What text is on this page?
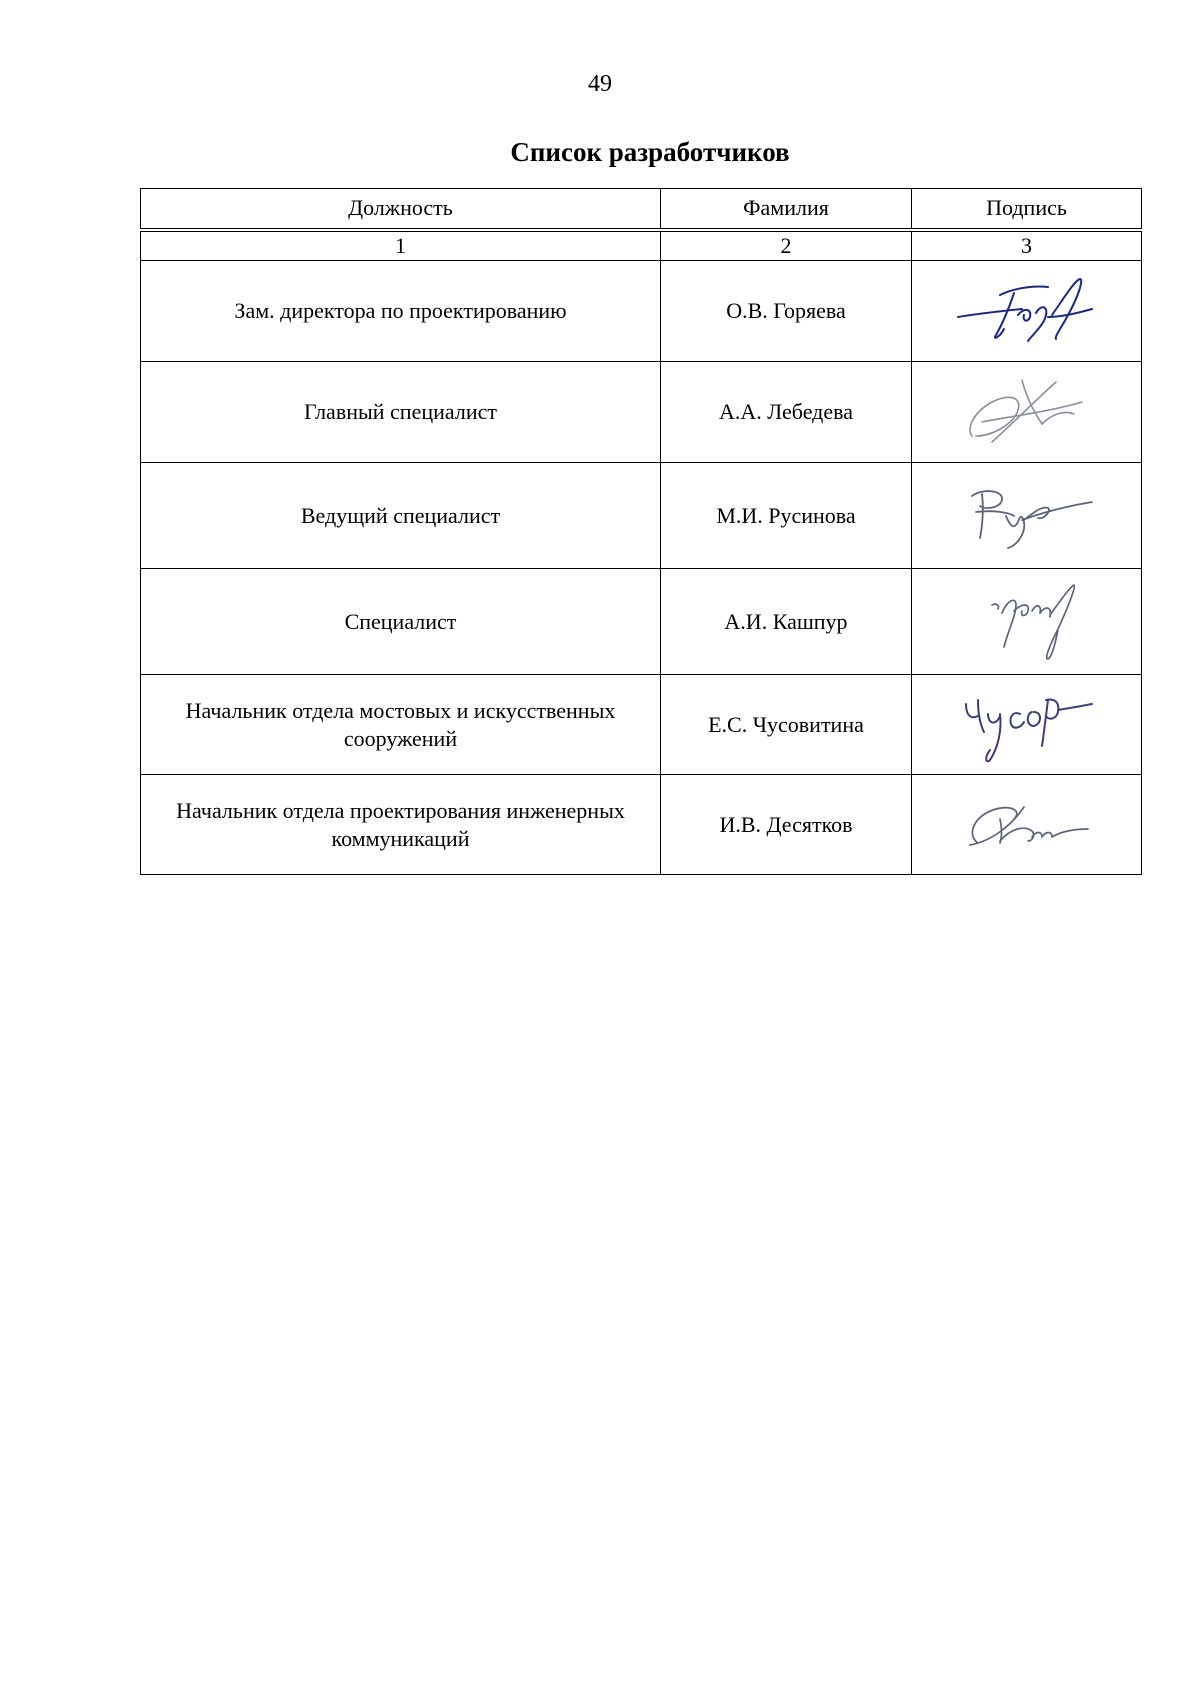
49
Список разработчиков
Должность	Фамилия	Подпись
1	2	3
Зам. директора по проектированию	О.В. Горяева	

Главный специалист	А.А. Лебедева	

Ведущий специалист	М.И. Русинова	

Специалист	А.И. Кашпур	

Начальник отдела мостовых и искусственных сооружений	Е.С. Чусовитина	

Начальник отдела проектирования инженерных коммуникаций	И.В. Десятков	
